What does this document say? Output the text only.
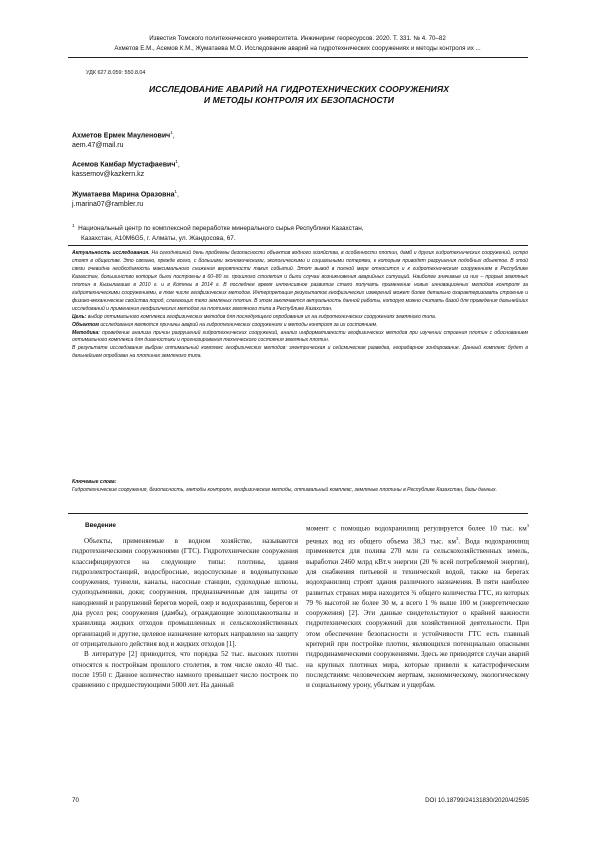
Известия Томского политехнического университета. Инжиниринг георесурсов. 2020. Т. 331. № 4. 70–82
Ахметов Е.М., Асемов К.М., Жуматаева М.О. Исследование аварий на гидротехнических сооружениях и методы контроля их ...
УДК 627.8.059: 550.8.04
ИССЛЕДОВАНИЕ АВАРИЙ НА ГИДРОТЕХНИЧЕСКИХ СООРУЖЕНИЯХ
И МЕТОДЫ КОНТРОЛЯ ИХ БЕЗОПАСНОСТИ
Ахметов Ермек Мауленович$^1$,
aem.47@mail.ru
Асемов Камбар Мустафаевич$^1$,
kassemov@kazkern.kz
Жуматаева Марина Оразовна$^1$,
j.marina07@rambler.ru
$^1$ Национальный центр по комплексной переработке минерального сырья Республики Казахстан,
Казахстан, А10М6G5, г. Алматы, ул. Жандосова, 67.

Актуальность исследования. На сегодняшний день проблемы безопасности объектов водного хозяйства, в особенности плотин, дамб и других гидротехнических сооружений, остро стоят в обществе. Это связано, прежде всего, с большими экономическими, экологическими и социальными потерями, к которым приводят разрушения подобных объектов. В этой связи очевидна необходимость максимального снижения вероятности таких событий. Этот вывод в полной мере относится и к гидротехническим сооружениям в Республике Казахстан, большинство которых были построены в 60–80 гг. прошлого столетия и были случаи возникновения аварийных ситуаций. Наиболее значимые из них – прорыв земляных плотин в Кызылагаше в 2010 г. и в Котяны в 2014 г. В последнее время интенсивное развитие стало получать применение новых инновационных методов контроля за гидротехническими сооружениями, в том числе геофизических методов. Интерпретация результатов геофизических измерений может более детально охарактеризовать строение и физико-механические свойства пород, слагающих тело земляных плотин. В этом заключается актуальность данной работы, которую можно считать базой для проведения дальнейших исследований и применения геофизических методов на плотинах земляного типа в Республике Казахстан.

Цель: выбор оптимального комплекса геофизических методов для последующего опробования их на гидротехнических сооружениях земляного типа.

Объектом исследования являются причины аварий на гидротехнических сооружениях и методы контроля за их состоянием.

Методика: проведение анализа причин разрушений гидротехнических сооружений, анализ информативности геофизических методов при изучении строения плотин с обоснованием оптимального комплекса для диагностики и прогнозирования технического состояния земляных плотин.

В результате исследования выбран оптимальный комплекс геофизических методов: электрическая и сейсмическая разведка, георадарное зондирование. Данный комплекс будет в дальнейшем опробован на плотинах земляного типа.

Ключевые слова:
Гидротехнические сооружения, безопасность, методы контроля, геофизические методы, оптимальный комплекс, земляные плотины в Республике Казахстан, базы данных.
Введение

Объекты, применяемые в водном хозяйстве, называются гидротехническими сооружениями (ГТС). Гидротехнические сооружения классифицируются на следующие типы: плотины, здания гидроэлектростанций, водосбросные, водоспускные и водовыпускные сооружения, туннели, каналы, насосные станции, судоходные шлюзы, судоподъемники, доки; сооружения, предназначенные для защиты от наводнений и разрушений берегов морей, озер и водохранилищ, берегов и дна русел рек; сооружения (дамбы), ограждающие золошлакоотвалы и хранилища жидких отходов промышленных и сельскохозяйственных организаций и другие, целевое назначение которых направлено на защиту от отрицательного действия вод и жидких отходов [1].

В литературе [2] приводится, что порядка 52 тыс. высоких плотин относятся к постройкам прошлого столетия, в том числе около 40 тыс. после 1950 г. Данное количество намного превышает число построек по сравнению с предшествующими 5000 лет. На данный

момент с помощью водохранилищ регулируется более 10 тыс. $км^3$ речных вод из общего объема 38,3 тыс. $км^3$. Вода водохранилищ применяется для полива 270 млн га сельскохозяйственных земель, выработки 2460 млрд кВт.ч энергии (20 % всей потребляемой энергии), для снабжения питьевой и технической водой, также на берегах водохранилищ строят здания различного назначения. В пяти наиболее развитых странах мира находится ¾ общего количества ГТС, из которых 79 % высотой не более 30 м, а всего 1 % выше 100 м (энергетические сооружения) [2]. Эти данные свидетельствуют о крайней важности гидротехнических сооружений для хозяйственной деятельности. При этом обеспечение безопасности и устойчивости ГТС есть главный критерий при постройке плотин, являющихся потенциально опасными гидродинамическими сооружениями. Здесь же приводятся случаи аварий на крупных плотинах мира, которые привели к катастрофическим последствиям: человеческим жертвам, экономическому, экологическому и социальному урону, убыткам и ущербам.

70	DOI 10.18799/24131830/2020/4/2595
